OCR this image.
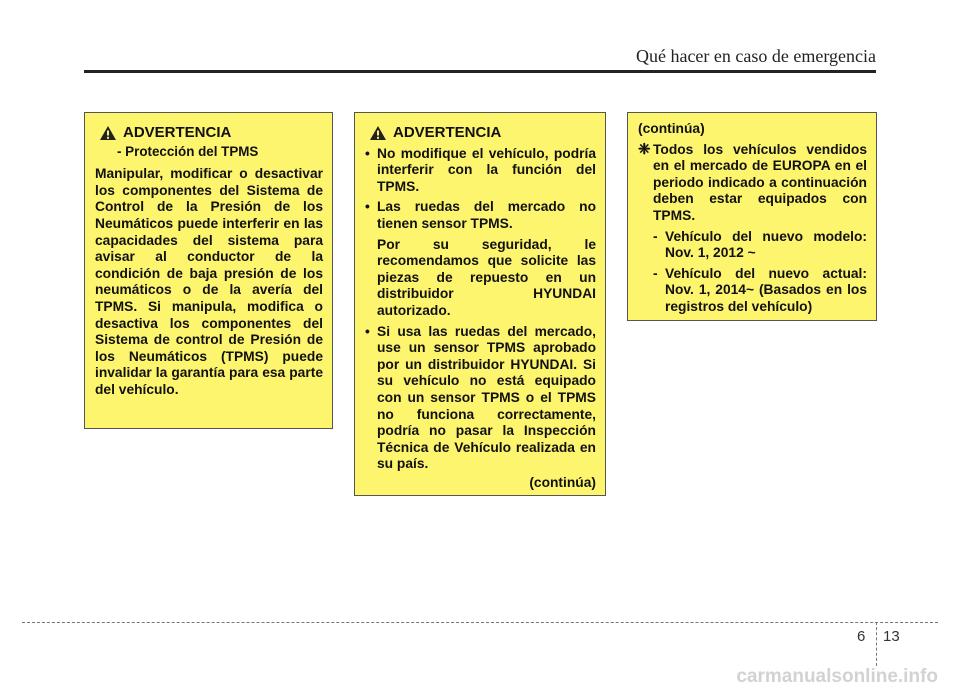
Qué hacer en caso de emergencia
ADVERTENCIA
- Protección del TPMS
Manipular, modificar o desactivar los componentes del Sistema de Control de la Presión de los Neumáticos puede interferir en las capacidades del sistema para avisar al conductor de la condición de baja presión de los neumáticos o de la avería del TPMS. Si manipula, modifica o desactiva los componentes del Sistema de control de Presión de los Neumáticos (TPMS) puede invalidar la garantía para esa parte del vehículo.
ADVERTENCIA
• No modifique el vehículo, podría interferir con la función del TPMS.
• Las ruedas del mercado no tienen sensor TPMS.
Por su seguridad, le recomendamos que solicite las piezas de repuesto en un distribuidor HYUNDAI autorizado.
• Si usa las ruedas del mercado, use un sensor TPMS aprobado por un distribuidor HYUNDAI. Si su vehículo no está equipado con un sensor TPMS o el TPMS no funciona correctamente, podría no pasar la Inspección Técnica de Vehículo realizada en su país.
(continúa)
(continúa)
❈ Todos los vehículos vendidos en el mercado de EUROPA en el periodo indicado a continuación deben estar equipados con TPMS.
- Vehículo del nuevo modelo: Nov. 1, 2012 ~
- Vehículo del nuevo actual: Nov. 1, 2014~ (Basados en los registros del vehículo)
6 13
carmanualsonline.info
